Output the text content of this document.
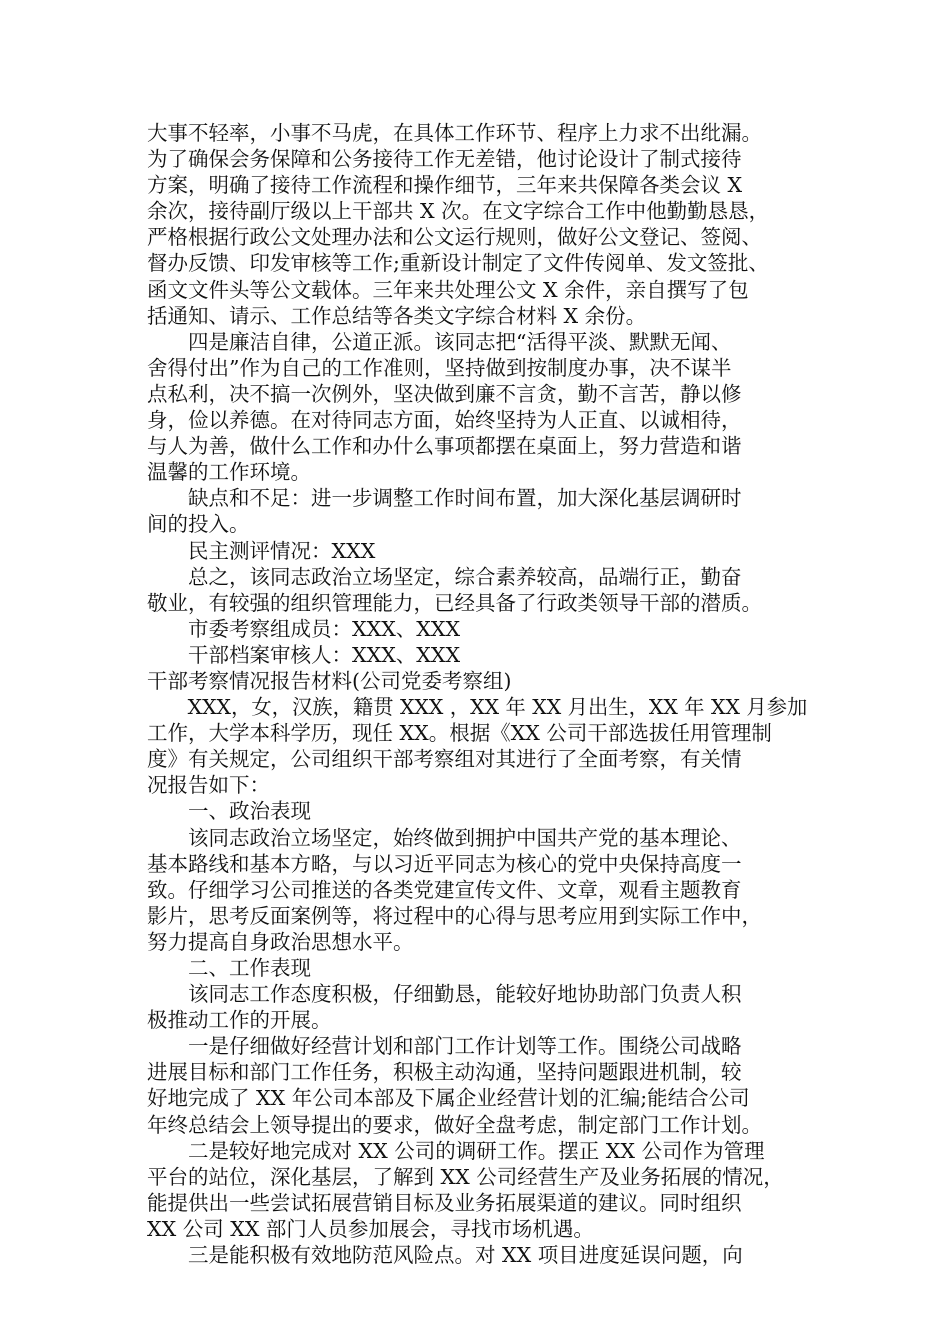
大事不轻率，小事不马虎，在具体工作环节、程序上力求不出纰漏。
为了确保会务保障和公务接待工作无差错，他讨论设计了制式接待
方案，明确了接待工作流程和操作细节，三年来共保障各类会议 X
余次，接待副厅级以上干部共 X 次。在文字综合工作中他勤勤恳恳，
严格根据行政公文处理办法和公文运行规则，做好公文登记、签阅、
督办反馈、印发审核等工作;重新设计制定了文件传阅单、发文签批、
函文文件头等公文载体。三年来共处理公文 X 余件，亲自撰写了包
括通知、请示、工作总结等各类文字综合材料 X 余份。
　　四是廉洁自律，公道正派。该同志把“活得平淡、默默无闻、
舍得付出”作为自己的工作准则，坚持做到按制度办事，决不谋半
点私利，决不搞一次例外，坚决做到廉不言贪，勤不言苦，静以修
身，俭以养德。在对待同志方面，始终坚持为人正直、以诚相待，
与人为善，做什么工作和办什么事项都摆在桌面上，努力营造和谐
温馨的工作环境。
　　缺点和不足：进一步调整工作时间布置，加大深化基层调研时
间的投入。
　　民主测评情况：XXX
　　总之，该同志政治立场坚定，综合素养较高，品端行正，勤奋
敬业，有较强的组织管理能力，已经具备了行政类领导干部的潜质。
　　市委考察组成员：XXX、XXX
　　干部档案审核人：XXX、XXX
干部考察情况报告材料(公司党委考察组)
　　XXX，女，汉族，籍贯 XXX ，XX 年 XX 月出生，XX 年 XX 月参加
工作，大学本科学历，现任 XX。根据《XX 公司干部选拔任用管理制
度》有关规定，公司组织干部考察组对其进行了全面考察，有关情
况报告如下：
　　一、政治表现
　　该同志政治立场坚定，始终做到拥护中国共产党的基本理论、
基本路线和基本方略，与以习近平同志为核心的党中央保持高度一
致。仔细学习公司推送的各类党建宣传文件、文章，观看主题教育
影片，思考反面案例等，将过程中的心得与思考应用到实际工作中，
努力提高自身政治思想水平。
　　二、工作表现
　　该同志工作态度积极，仔细勤恳，能较好地协助部门负责人积
极推动工作的开展。
　　一是仔细做好经营计划和部门工作计划等工作。围绕公司战略
进展目标和部门工作任务，积极主动沟通，坚持问题跟进机制，较
好地完成了 XX 年公司本部及下属企业经营计划的汇编;能结合公司
年终总结会上领导提出的要求，做好全盘考虑，制定部门工作计划。
　　二是较好地完成对 XX 公司的调研工作。摆正 XX 公司作为管理
平台的站位，深化基层，了解到 XX 公司经营生产及业务拓展的情况，
能提供出一些尝试拓展营销目标及业务拓展渠道的建议。同时组织
XX 公司 XX 部门人员参加展会，寻找市场机遇。
　　三是能积极有效地防范风险点。对 XX 项目进度延误问题，向
